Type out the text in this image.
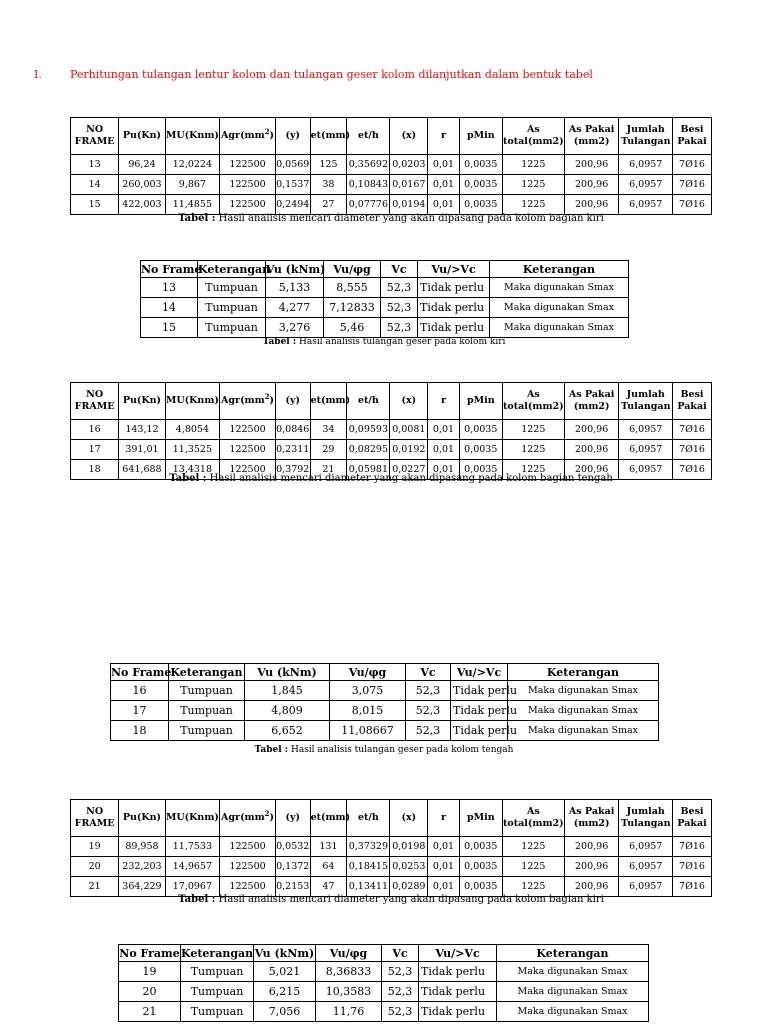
I.	Perhitungan tulangan lentur kolom dan tulangan geser kolom dilanjutkan dalam bentuk tabel
NO FRAME	Pu(Kn)	MU(Knm)	$Agr(mm^2)$	(y)	et(mm)	et/h	(x)	r	pMin	As total(mm2)	As Pakai (mm2)	Jumlah Tulangan	Besi Pakai
13	96,24	12,0224	122500	0,0569	125	0,35692	0,0203	0,01	0,0035	1225	200,96	6,0957	7Ø16
14	260,003	9,867	122500	0,1537	38	0,10843	0,0167	0,01	0,0035	1225	200,96	6,0957	7Ø16
15	422,003	11,4855	122500	0,2494	27	0,07776	0,0194	0,01	0,0035	1225	200,96	6,0957	7Ø16
Tabel : Hasil analisis mencari diameter yang akan dipasang pada kolom bagian kiri
No Frame	Keterangan	Vu (kNm)	Vu/φg	Vc	Vu/>Vc	Keterangan
13	Tumpuan	5,133	8,555	52,3	Tidak perlu	Maka digunakan Smax
14	Tumpuan	4,277	7,12833	52,3	Tidak perlu	Maka digunakan Smax
15	Tumpuan	3,276	5,46	52,3	Tidak perlu	Maka digunakan Smax
Tabel : Hasil analisis tulangan geser pada kolom kiri
NO FRAME	Pu(Kn)	MU(Knm)	$Agr(mm^2)$	(y)	et(mm)	et/h	(x)	r	pMin	As total(mm2)	As Pakai (mm2)	Jumlah Tulangan	Besi Pakai
16	143,12	4,8054	122500	0,0846	34	0,09593	0,0081	0,01	0,0035	1225	200,96	6,0957	7Ø16
17	391,01	11,3525	122500	0,2311	29	0,08295	0,0192	0,01	0,0035	1225	200,96	6,0957	7Ø16
18	641,688	13,4318	122500	0,3792	21	0,05981	0,0227	0,01	0,0035	1225	200,96	6,0957	7Ø16
Tabel : Hasil analisis mencari diameter yang akan dipasang pada kolom bagian tengah
No Frame	Keterangan	Vu (kNm)	Vu/φg	Vc	Vu/>Vc	Keterangan
16	Tumpuan	1,845	3,075	52,3	Tidak perlu	Maka digunakan Smax
17	Tumpuan	4,809	8,015	52,3	Tidak perlu	Maka digunakan Smax
18	Tumpuan	6,652	11,08667	52,3	Tidak perlu	Maka digunakan Smax
Tabel : Hasil analisis tulangan geser pada kolom tengah
NO FRAME	Pu(Kn)	MU(Knm)	$Agr(mm^2)$	(y)	et(mm)	et/h	(x)	r	pMin	As total(mm2)	As Pakai (mm2)	Jumlah Tulangan	Besi Pakai
19	89,958	11,7533	122500	0,0532	131	0,37329	0,0198	0,01	0,0035	1225	200,96	6,0957	7Ø16
20	232,203	14,9657	122500	0,1372	64	0,18415	0,0253	0,01	0,0035	1225	200,96	6,0957	7Ø16
21	364,229	17,0967	122500	0,2153	47	0,13411	0,0289	0,01	0,0035	1225	200,96	6,0957	7Ø16
Tabel : Hasil analisis mencari diameter yang akan dipasang pada kolom bagian kiri
No Frame	Keterangan	Vu (kNm)	Vu/φg	Vc	Vu/>Vc	Keterangan
19	Tumpuan	5,021	8,36833	52,3	Tidak perlu	Maka digunakan Smax
20	Tumpuan	6,215	10,3583	52,3	Tidak perlu	Maka digunakan Smax
21	Tumpuan	7,056	11,76	52,3	Tidak perlu	Maka digunakan Smax
